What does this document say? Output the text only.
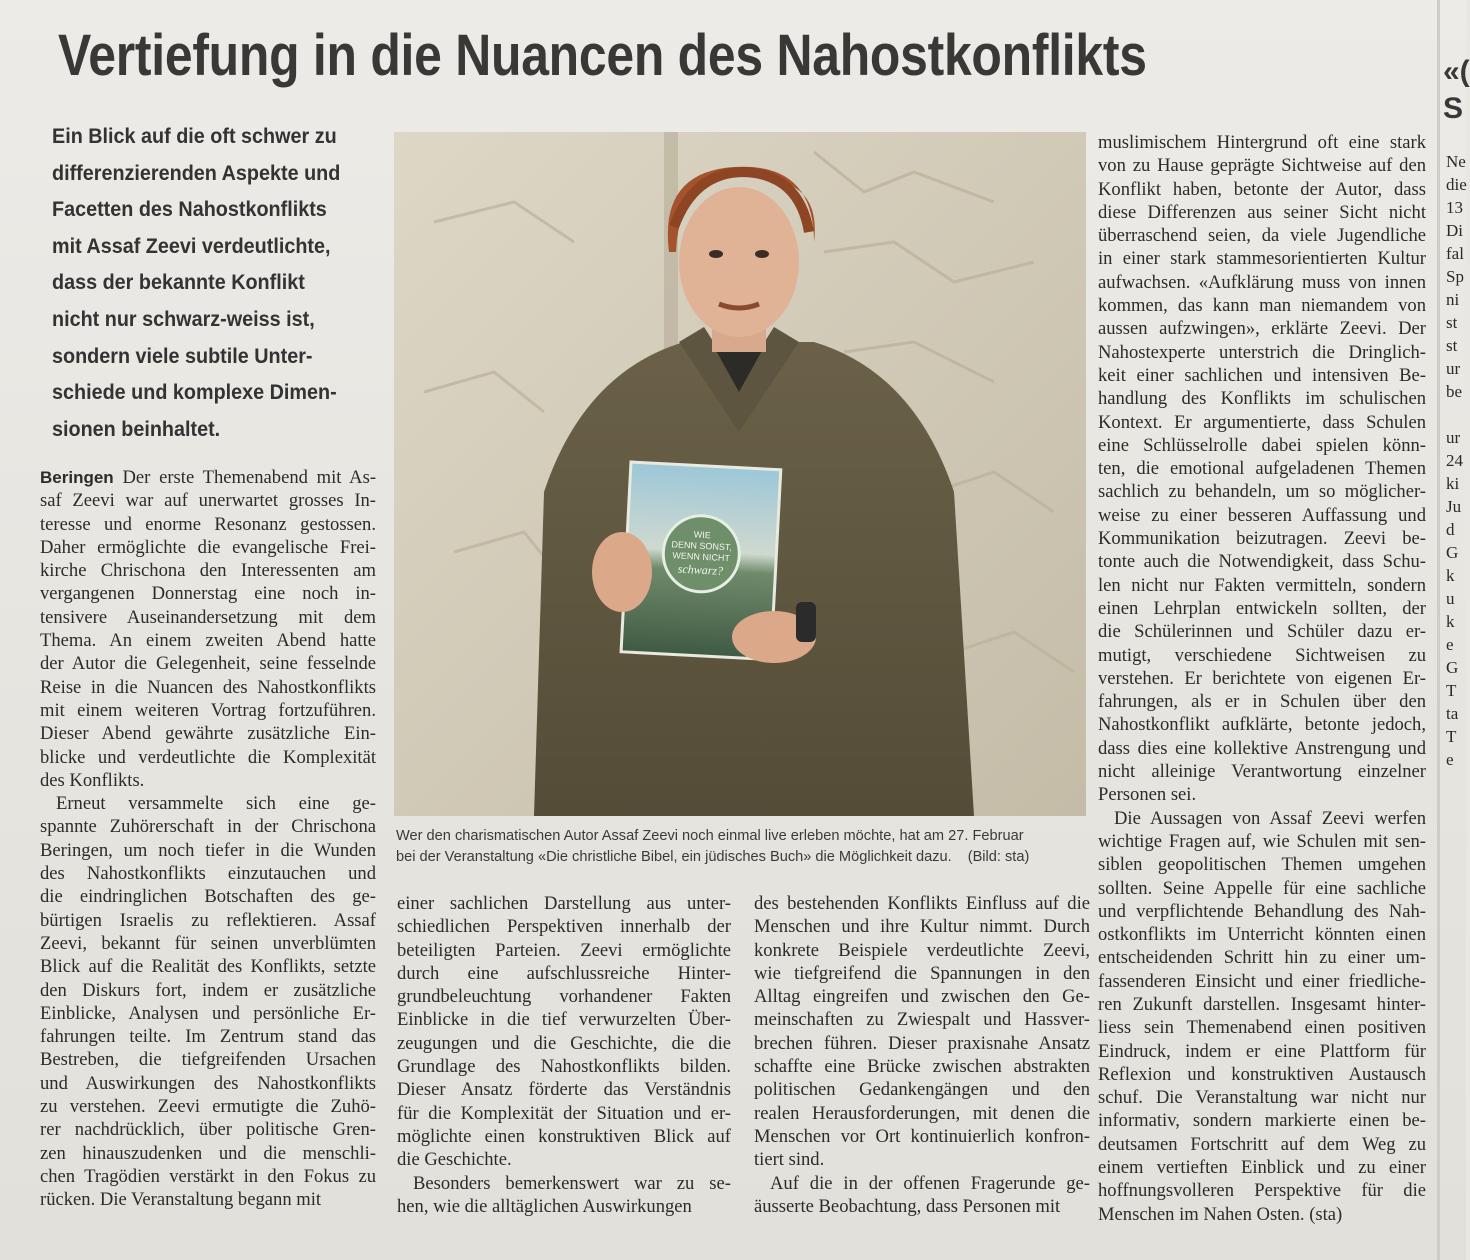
Vertiefung in die Nuancen des Nahostkonflikts
Ein Blick auf die oft schwer zu
differenzierenden Aspekte und
Facetten des Nahostkonflikts
mit Assaf Zeevi verdeutlichte,
dass der bekannte Konflikt
nicht nur schwarz-weiss ist,
sondern viele subtile Unter-
schiede und komplexe Dimen-
sionen beinhaltet.
Beringen Der erste Themenabend mit As-
saf Zeevi war auf unerwartet grosses In-
teresse und enorme Resonanz gestossen.
Daher ermöglichte die evangelische Frei-
kirche Chrischona den Interessenten am
vergangenen Donnerstag eine noch in-
tensivere Auseinandersetzung mit dem
Thema. An einem zweiten Abend hatte
der Autor die Gelegenheit, seine fesselnde
Reise in die Nuancen des Nahostkonflikts
mit einem weiteren Vortrag fortzuführen.
Dieser Abend gewährte zusätzliche Ein-
blicke und verdeutlichte die Komplexität
des Konflikts.
Erneut versammelte sich eine ge-
spannte Zuhörerschaft in der Chrischona
Beringen, um noch tiefer in die Wunden
des Nahostkonflikts einzutauchen und
die eindringlichen Botschaften des ge-
bürtigen Israelis zu reflektieren. Assaf
Zeevi, bekannt für seinen unverblümten
Blick auf die Realität des Konflikts, setzte
den Diskurs fort, indem er zusätzliche
Einblicke, Analysen und persönliche Er-
fahrungen teilte. Im Zentrum stand das
Bestreben, die tiefgreifenden Ursachen
und Auswirkungen des Nahostkonflikts
zu verstehen. Zeevi ermutigte die Zuhö-
rer nachdrücklich, über politische Gren-
zen hinauszudenken und die menschli-
chen Tragödien verstärkt in den Fokus zu
rücken. Die Veranstaltung begann mit
WIE
DENN SONST,
WENN NICHT
schwarz?
Wer den charismatischen Autor Assaf Zeevi noch einmal live erleben möchte, hat am 27. Februar
bei der Veranstaltung «Die christliche Bibel, ein jüdisches Buch» die Möglichkeit dazu. (Bild: sta)
einer sachlichen Darstellung aus unter-
schiedlichen Perspektiven innerhalb der
beteiligten Parteien. Zeevi ermöglichte
durch eine aufschlussreiche Hinter-
grundbeleuchtung vorhandener Fakten
Einblicke in die tief verwurzelten Über-
zeugungen und die Geschichte, die die
Grundlage des Nahostkonflikts bilden.
Dieser Ansatz förderte das Verständnis
für die Komplexität der Situation und er-
möglichte einen konstruktiven Blick auf
die Geschichte.
Besonders bemerkenswert war zu se-
hen, wie die alltäglichen Auswirkungen
des bestehenden Konflikts Einfluss auf die
Menschen und ihre Kultur nimmt. Durch
konkrete Beispiele verdeutlichte Zeevi,
wie tiefgreifend die Spannungen in den
Alltag eingreifen und zwischen den Ge-
meinschaften zu Zwiespalt und Hassver-
brechen führen. Dieser praxisnahe Ansatz
schaffte eine Brücke zwischen abstrakten
politischen Gedankengängen und den
realen Herausforderungen, mit denen die
Menschen vor Ort kontinuierlich konfron-
tiert sind.
Auf die in der offenen Fragerunde ge-
äusserte Beobachtung, dass Personen mit
muslimischem Hintergrund oft eine stark
von zu Hause geprägte Sichtweise auf den
Konflikt haben, betonte der Autor, dass
diese Differenzen aus seiner Sicht nicht
überraschend seien, da viele Jugendliche
in einer stark stammesorientierten Kultur
aufwachsen. «Aufklärung muss von innen
kommen, das kann man niemandem von
aussen aufzwingen», erklärte Zeevi. Der
Nahostexperte unterstrich die Dringlich-
keit einer sachlichen und intensiven Be-
handlung des Konflikts im schulischen
Kontext. Er argumentierte, dass Schulen
eine Schlüsselrolle dabei spielen könn-
ten, die emotional aufgeladenen Themen
sachlich zu behandeln, um so möglicher-
weise zu einer besseren Auffassung und
Kommunikation beizutragen. Zeevi be-
tonte auch die Notwendigkeit, dass Schu-
len nicht nur Fakten vermitteln, sondern
einen Lehrplan entwickeln sollten, der
die Schülerinnen und Schüler dazu er-
mutigt, verschiedene Sichtweisen zu
verstehen. Er berichtete von eigenen Er-
fahrungen, als er in Schulen über den
Nahostkonflikt aufklärte, betonte jedoch,
dass dies eine kollektive Anstrengung und
nicht alleinige Verantwortung einzelner
Personen sei.
Die Aussagen von Assaf Zeevi werfen
wichtige Fragen auf, wie Schulen mit sen-
siblen geopolitischen Themen umgehen
sollten. Seine Appelle für eine sachliche
und verpflichtende Behandlung des Nah-
ostkonflikts im Unterricht könnten einen
entscheidenden Schritt hin zu einer um-
fassenderen Einsicht und einer friedliche-
ren Zukunft darstellen. Insgesamt hinter-
liess sein Themenabend einen positiven
Eindruck, indem er eine Plattform für
Reflexion und konstruktiven Austausch
schuf. Die Veranstaltung war nicht nur
informativ, sondern markierte einen be-
deutsamen Fortschritt auf dem Weg zu
einem vertieften Einblick und zu einer
hoffnungsvolleren Perspektive für die
Menschen im Nahen Osten. (sta)
«(
S
Ne
die
13
Di
fal
Sp
ni
st
st
ur
be

ur
24
ki
Ju
d
G
k
u
k
e
G
T
ta
T
e
